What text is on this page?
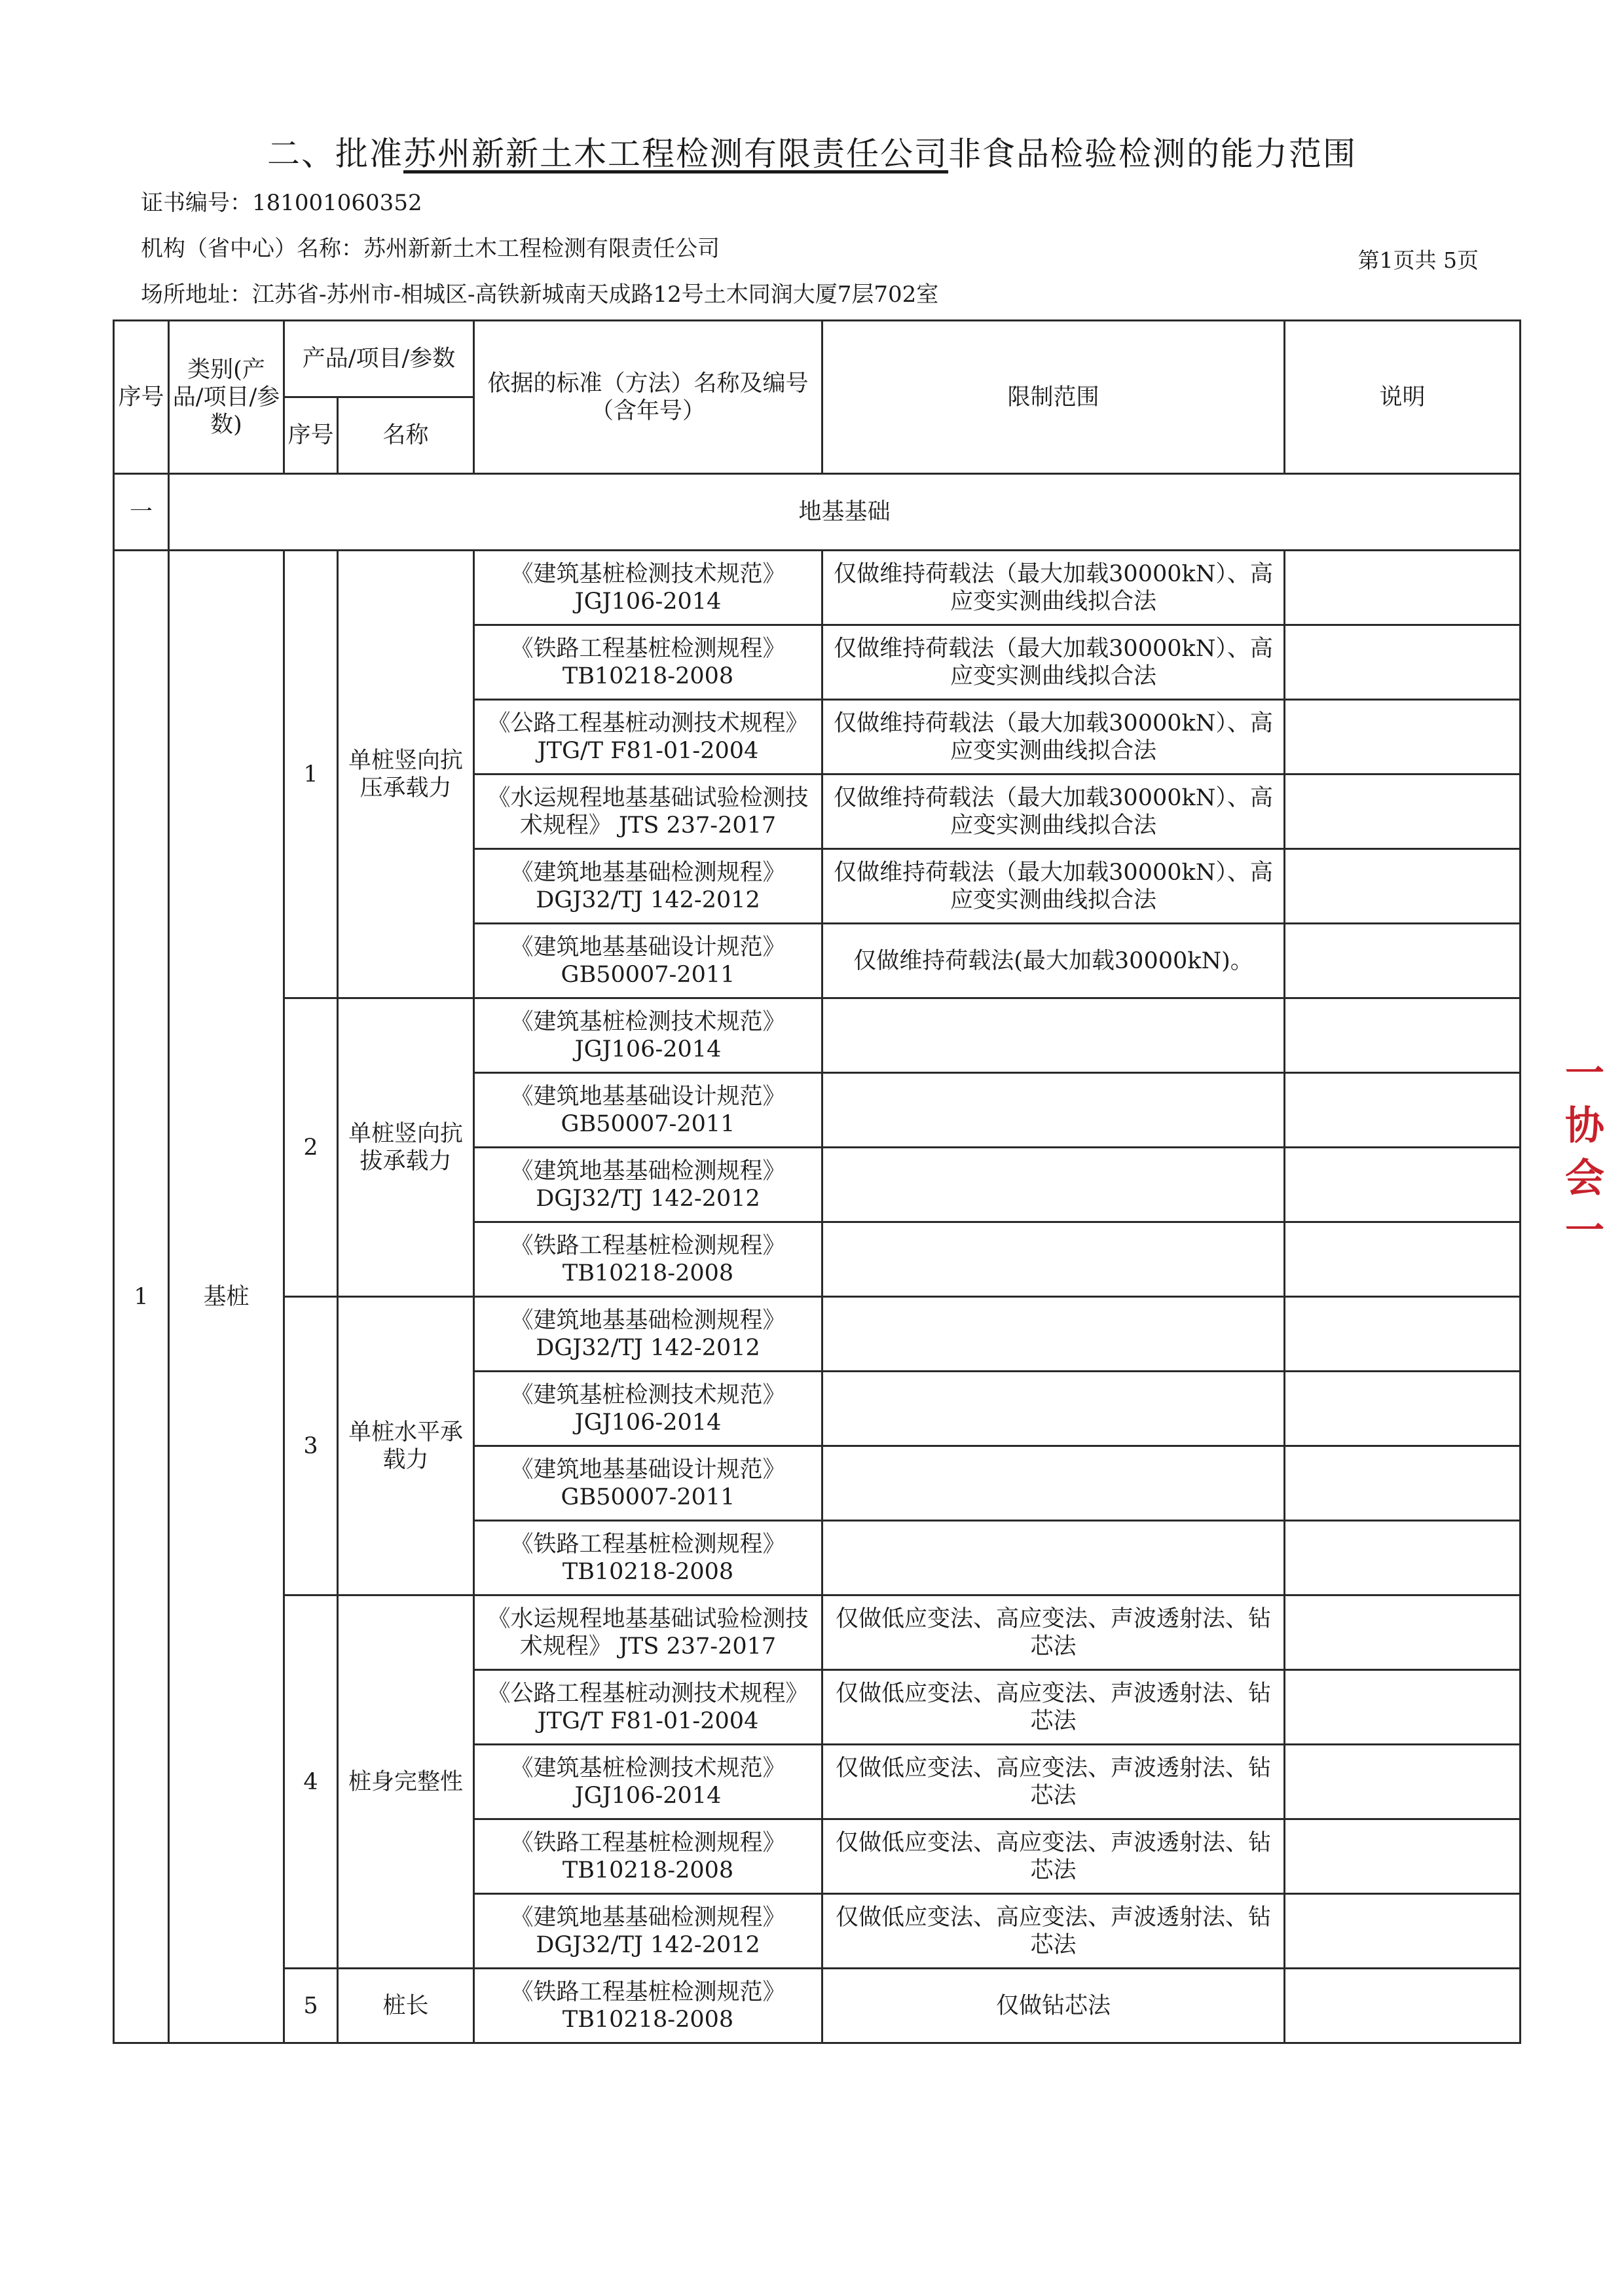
二、批准苏州新新土木工程检测有限责任公司非食品检验检测的能力范围
证书编号：181001060352
机构（省中心）名称：苏州新新土木工程检测有限责任公司	第1页共 5页
场所地址：江苏省-苏州市-相城区-高铁新城南天成路12号土木同润大厦7层702室
序号	类别(产品/项目/参数)	产品/项目/参数		依据的标准（方法）名称及编号（含年号）	限制范围	说明
		序号	名称			
一	地基基础					
1	基桩	1	单桩竖向抗压承载力	《建筑基桩检测技术规范》JGJ106-2014	仅做维持荷载法（最大加载30000kN）、高应变实测曲线拟合法	
				《铁路工程基桩检测规程》TB10218-2008	仅做维持荷载法（最大加载30000kN）、高应变实测曲线拟合法	
				《公路工程基桩动测技术规程》 JTG/T F81-01-2004	仅做维持荷载法（最大加载30000kN）、高应变实测曲线拟合法	
				《水运规程地基基础试验检测技术规程》 JTS 237-2017	仅做维持荷载法（最大加载30000kN）、高应变实测曲线拟合法	
				《建筑地基基础检测规程》DGJ32/TJ 142-2012	仅做维持荷载法（最大加载30000kN）、高应变实测曲线拟合法	
				《建筑地基基础设计规范》GB50007-2011	仅做维持荷载法(最大加载30000kN)。	
		2	单桩竖向抗拔承载力	《建筑基桩检测技术规范》JGJ106-2014		
				《建筑地基基础设计规范》GB50007-2011		
				《建筑地基基础检测规程》DGJ32/TJ 142-2012		
				《铁路工程基桩检测规程》TB10218-2008		
		3	单桩水平承载力	《建筑地基基础检测规程》DGJ32/TJ 142-2012		
				《建筑基桩检测技术规范》JGJ106-2014		
				《建筑地基基础设计规范》GB50007-2011		
				《铁路工程基桩检测规程》TB10218-2008		
		4	桩身完整性	《水运规程地基基础试验检测技术规程》 JTS 237-2017	仅做低应变法、高应变法、声波透射法、钻芯法	
				《公路工程基桩动测技术规程》 JTG/T F81-01-2004	仅做低应变法、高应变法、声波透射法、钻芯法	
				《建筑基桩检测技术规范》JGJ106-2014	仅做低应变法、高应变法、声波透射法、钻芯法	
				《铁路工程基桩检测规程》TB10218-2008	仅做低应变法、高应变法、声波透射法、钻芯法	
				《建筑地基基础检测规程》DGJ32/TJ 142-2012	仅做低应变法、高应变法、声波透射法、钻芯法	
		5	桩长	《铁路工程基桩检测规范》TB10218-2008	仅做钻芯法	
一
协
会
一
